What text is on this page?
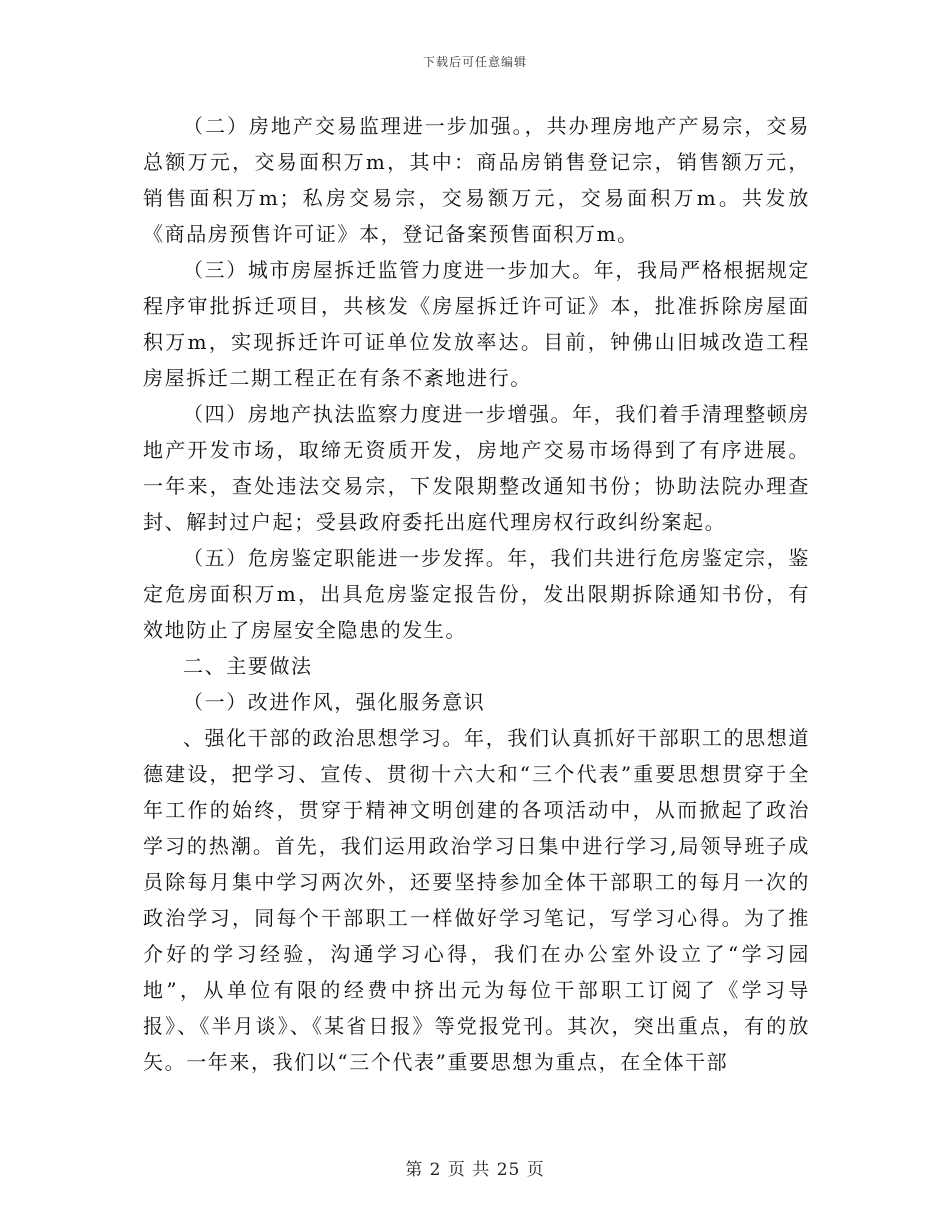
下载后可任意编辑

（二）房地产交易监理进一步加强。，共办理房地产产易宗，交易总额万元，交易面积万m，其中：商品房销售登记宗，销售额万元，销售面积万m；私房交易宗，交易额万元，交易面积万m。共发放《商品房预售许可证》本，登记备案预售面积万m。

（三）城市房屋拆迁监管力度进一步加大。年，我局严格根据规定程序审批拆迁项目，共核发《房屋拆迁许可证》本，批准拆除房屋面积万m，实现拆迁许可证单位发放率达。目前，钟佛山旧城改造工程房屋拆迁二期工程正在有条不紊地进行。

（四）房地产执法监察力度进一步增强。年，我们着手清理整顿房地产开发市场，取缔无资质开发，房地产交易市场得到了有序进展。一年来，查处违法交易宗，下发限期整改通知书份；协助法院办理查封、解封过户起；受县政府委托出庭代理房权行政纠纷案起。

（五）危房鉴定职能进一步发挥。年，我们共进行危房鉴定宗，鉴定危房面积万m，出具危房鉴定报告份，发出限期拆除通知书份，有效地防止了房屋安全隐患的发生。

二、主要做法

（一）改进作风，强化服务意识

、强化干部的政治思想学习。年，我们认真抓好干部职工的思想道德建设，把学习、宣传、贯彻十六大和“三个代表”重要思想贯穿于全年工作的始终，贯穿于精神文明创建的各项活动中，从而掀起了政治学习的热潮。首先，我们运用政治学习日集中进行学习,局领导班子成员除每月集中学习两次外，还要坚持参加全体干部职工的每月一次的政治学习，同每个干部职工一样做好学习笔记，写学习心得。为了推介好的学习经验，沟通学习心得，我们在办公室外设立了“学习园地”，从单位有限的经费中挤出元为每位干部职工订阅了《学习导报》、《半月谈》、《某省日报》等党报党刊。其次，突出重点，有的放矢。一年来，我们以“三个代表”重要思想为重点，在全体干部

第 2 页 共 25 页
